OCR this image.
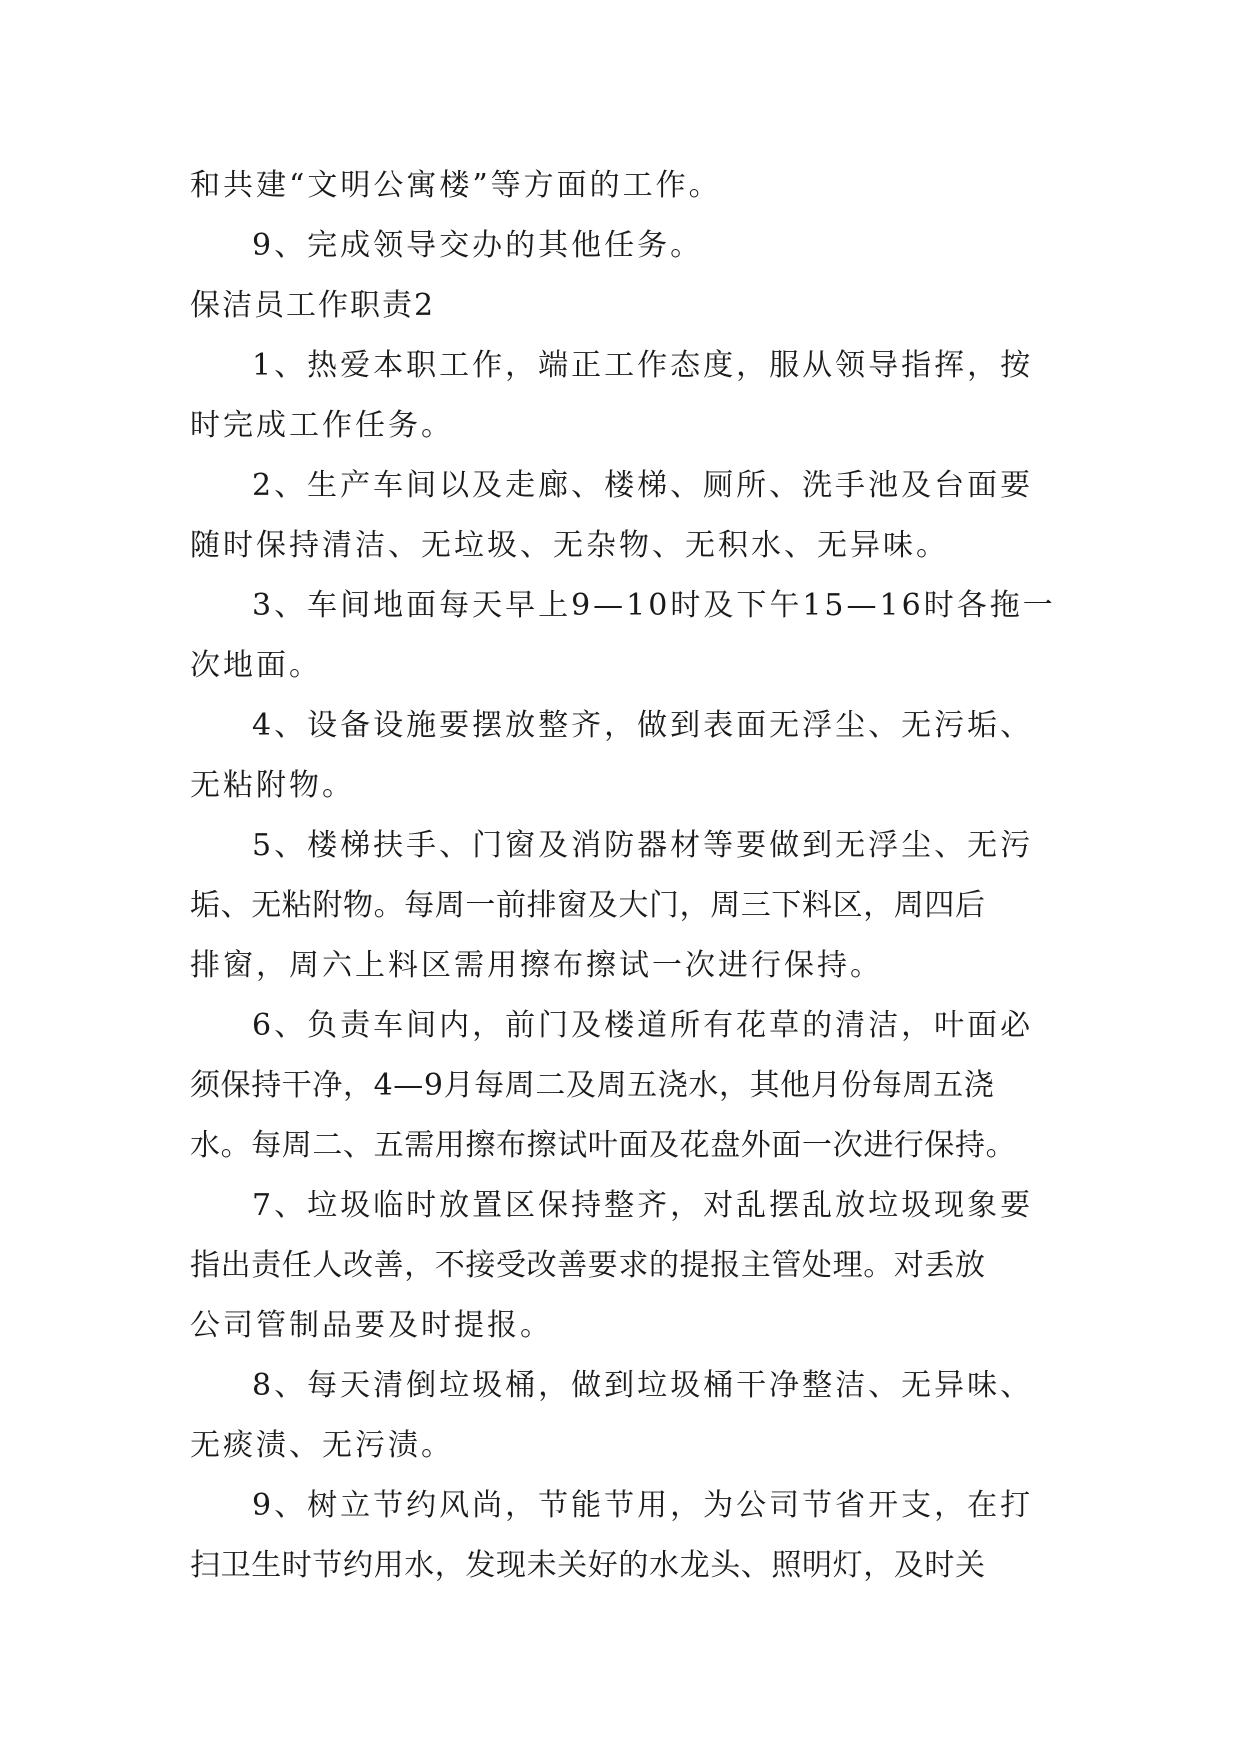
和共建“文明公寓楼”等方面的工作。

9、完成领导交办的其他任务。

保洁员工作职责2

1、热爱本职工作，端正工作态度，服从领导指挥，按

时完成工作任务。

2、生产车间以及走廊、楼梯、厕所、洗手池及台面要

随时保持清洁、无垃圾、无杂物、无积水、无异味。

3、车间地面每天早上9—10时及下午15—16时各拖一

次地面。

4、设备设施要摆放整齐，做到表面无浮尘、无污垢、

无粘附物。

5、楼梯扶手、门窗及消防器材等要做到无浮尘、无污

垢、无粘附物。每周一前排窗及大门，周三下料区，周四后

排窗，周六上料区需用擦布擦试一次进行保持。

6、负责车间内，前门及楼道所有花草的清洁，叶面必

须保持干净，4—9月每周二及周五浇水，其他月份每周五浇

水。每周二、五需用擦布擦试叶面及花盘外面一次进行保持。

7、垃圾临时放置区保持整齐，对乱摆乱放垃圾现象要

指出责任人改善，不接受改善要求的提报主管处理。对丢放

公司管制品要及时提报。

8、每天清倒垃圾桶，做到垃圾桶干净整洁、无异味、

无痰渍、无污渍。

9、树立节约风尚，节能节用，为公司节省开支，在打

扫卫生时节约用水，发现未关好的水龙头、照明灯，及时关
